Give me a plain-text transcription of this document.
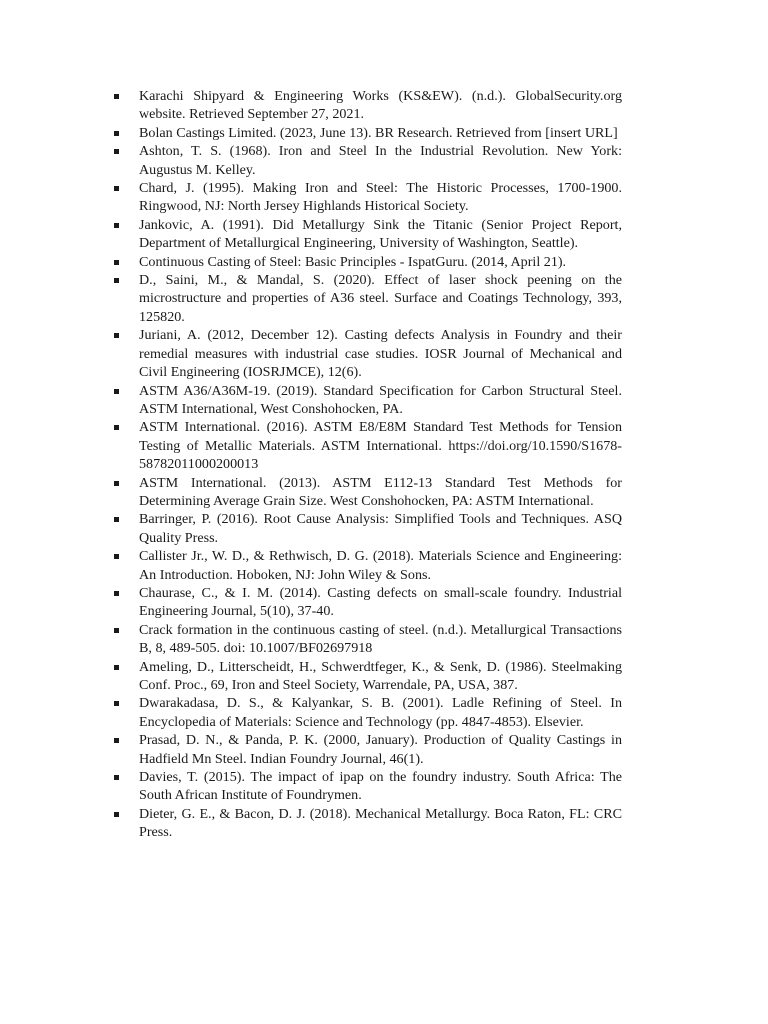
Karachi Shipyard & Engineering Works (KS&EW). (n.d.). GlobalSecurity.org website. Retrieved September 27, 2021.
Bolan Castings Limited. (2023, June 13). BR Research. Retrieved from [insert URL]
Ashton, T. S. (1968). Iron and Steel In the Industrial Revolution. New York: Augustus M. Kelley.
Chard, J. (1995). Making Iron and Steel: The Historic Processes, 1700-1900. Ringwood, NJ: North Jersey Highlands Historical Society.
Jankovic, A. (1991). Did Metallurgy Sink the Titanic (Senior Project Report, Department of Metallurgical Engineering, University of Washington, Seattle).
Continuous Casting of Steel: Basic Principles - IspatGuru. (2014, April 21).
D., Saini, M., & Mandal, S. (2020). Effect of laser shock peening on the microstructure and properties of A36 steel. Surface and Coatings Technology, 393, 125820.
Juriani, A. (2012, December 12). Casting defects Analysis in Foundry and their remedial measures with industrial case studies. IOSR Journal of Mechanical and Civil Engineering (IOSRJMCE), 12(6).
ASTM A36/A36M-19. (2019). Standard Specification for Carbon Structural Steel. ASTM International, West Conshohocken, PA.
ASTM International. (2016). ASTM E8/E8M Standard Test Methods for Tension Testing of Metallic Materials. ASTM International. https://doi.org/10.1590/S1678-58782011000200013
ASTM International. (2013). ASTM E112-13 Standard Test Methods for Determining Average Grain Size. West Conshohocken, PA: ASTM International.
Barringer, P. (2016). Root Cause Analysis: Simplified Tools and Techniques. ASQ Quality Press.
Callister Jr., W. D., & Rethwisch, D. G. (2018). Materials Science and Engineering: An Introduction. Hoboken, NJ: John Wiley & Sons.
Chaurase, C., & I. M. (2014). Casting defects on small-scale foundry. Industrial Engineering Journal, 5(10), 37-40.
Crack formation in the continuous casting of steel. (n.d.). Metallurgical Transactions B, 8, 489-505. doi: 10.1007/BF02697918
Ameling, D., Litterscheidt, H., Schwerdtfeger, K., & Senk, D. (1986). Steelmaking Conf. Proc., 69, Iron and Steel Society, Warrendale, PA, USA, 387.
Dwarakadasa, D. S., & Kalyankar, S. B. (2001). Ladle Refining of Steel. In Encyclopedia of Materials: Science and Technology (pp. 4847-4853). Elsevier.
Prasad, D. N., & Panda, P. K. (2000, January). Production of Quality Castings in Hadfield Mn Steel. Indian Foundry Journal, 46(1).
Davies, T. (2015). The impact of ipap on the foundry industry. South Africa: The South African Institute of Foundrymen.
Dieter, G. E., & Bacon, D. J. (2018). Mechanical Metallurgy. Boca Raton, FL: CRC Press.
